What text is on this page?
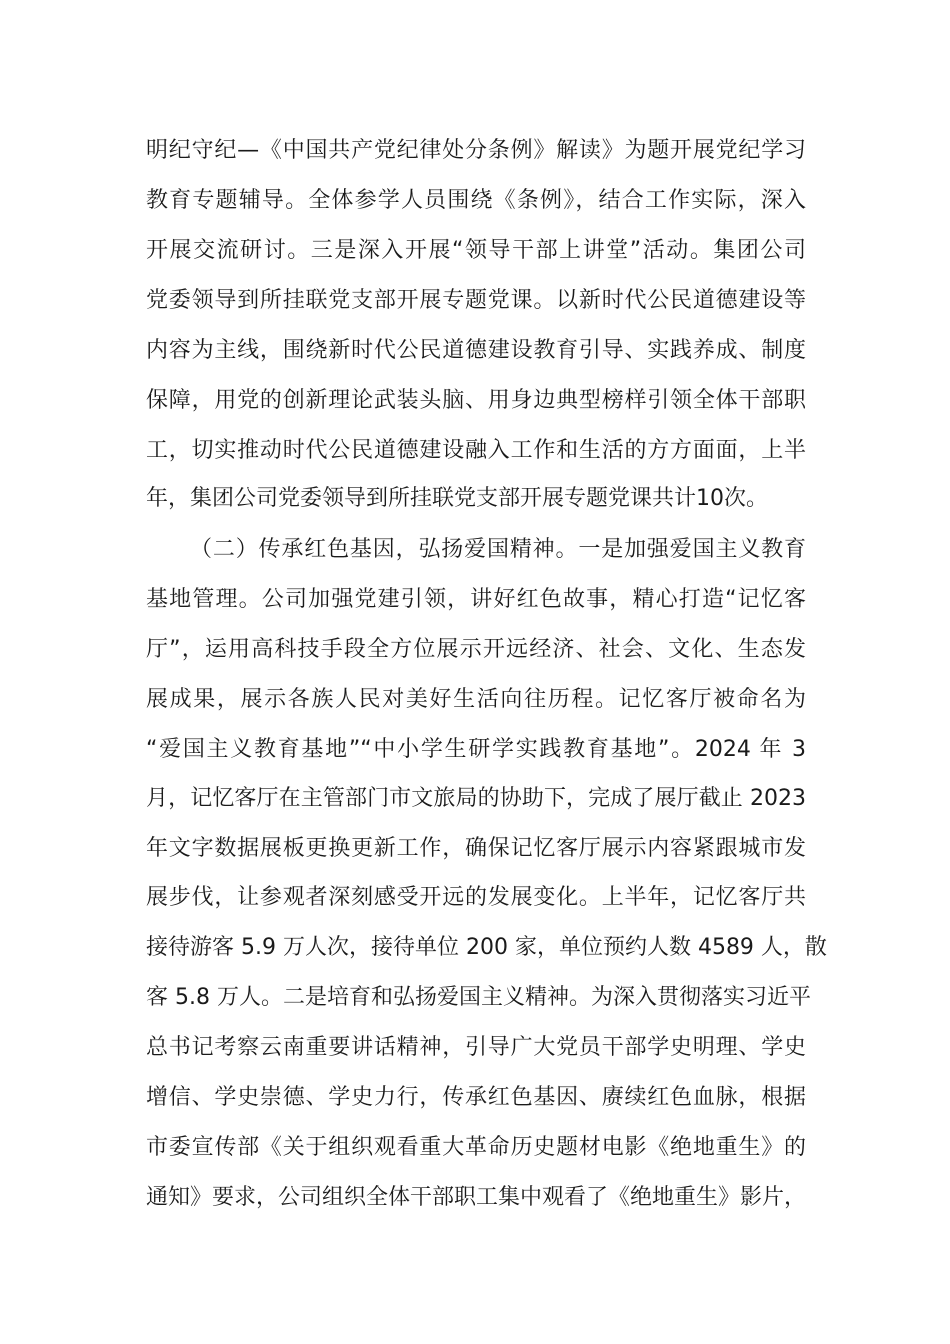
明纪守纪—《中国共产党纪律处分条例》解读》为题开展党纪学习
教育专题辅导。全体参学人员围绕《条例》，结合工作实际，深入
开展交流研讨。三是深入开展“领导干部上讲堂”活动。集团公司
党委领导到所挂联党支部开展专题党课。以新时代公民道德建设等
内容为主线，围绕新时代公民道德建设教育引导、实践养成、制度
保障，用党的创新理论武装头脑、用身边典型榜样引领全体干部职
工，切实推动时代公民道德建设融入工作和生活的方方面面，上半
年，集团公司党委领导到所挂联党支部开展专题党课共计10次。
（二）传承红色基因，弘扬爱国精神。一是加强爱国主义教育
基地管理。公司加强党建引领，讲好红色故事，精心打造“记忆客
厅”，运用高科技手段全方位展示开远经济、社会、文化、生态发
展成果，展示各族人民对美好生活向往历程。记忆客厅被命名为
“爱国主义教育基地”“中小学生研学实践教育基地”。2024 年 3
月，记忆客厅在主管部门市文旅局的协助下，完成了展厅截止 2023
年文字数据展板更换更新工作，确保记忆客厅展示内容紧跟城市发
展步伐，让参观者深刻感受开远的发展变化。上半年，记忆客厅共
接待游客 5.9 万人次，接待单位 200 家，单位预约人数 4589 人，散
客 5.8 万人。二是培育和弘扬爱国主义精神。为深入贯彻落实习近平
总书记考察云南重要讲话精神，引导广大党员干部学史明理、学史
增信、学史崇德、学史力行，传承红色基因、赓续红色血脉，根据
市委宣传部《关于组织观看重大革命历史题材电影《绝地重生》的
通知》要求，公司组织全体干部职工集中观看了《绝地重生》影片，
